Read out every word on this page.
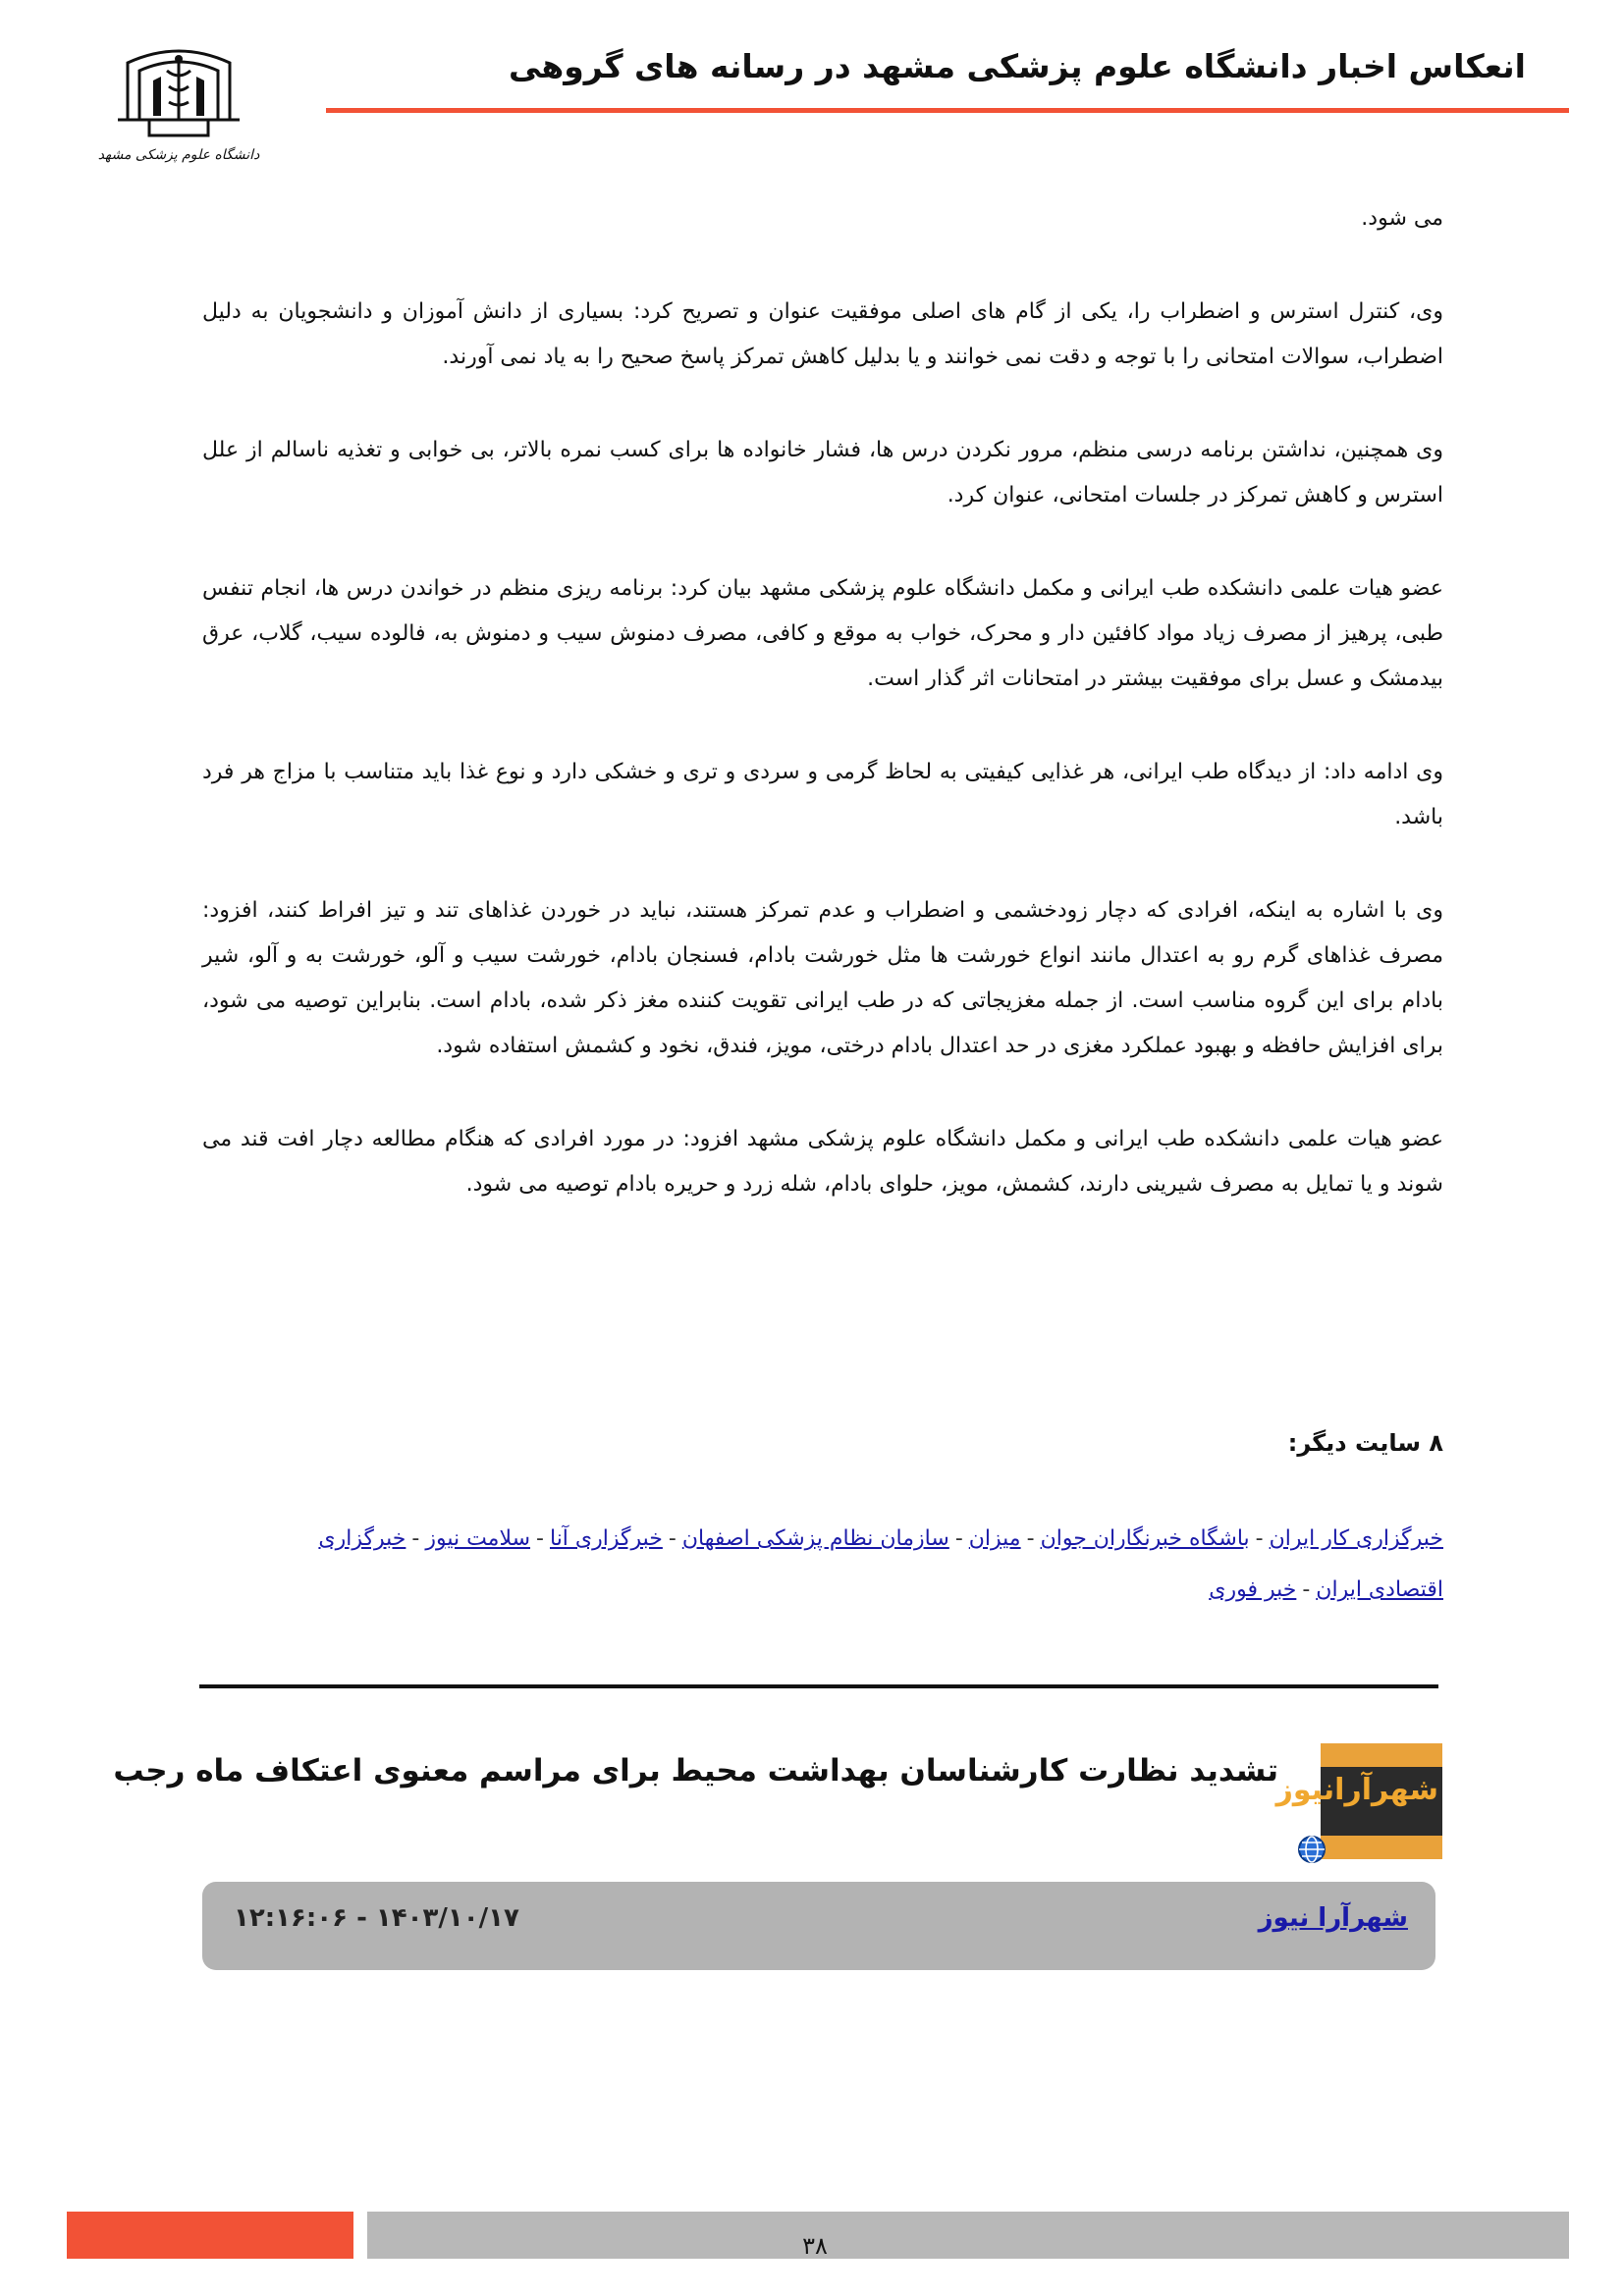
انعکاس اخبار دانشگاه علوم پزشکی مشهد در رسانه های گروهی
دانشگاه علوم پزشکی مشهد

می شود.

وی، کنترل استرس و اضطراب را، یکی از گام های اصلی موفقیت عنوان و تصریح کرد: بسیاری از دانش آموزان و دانشجویان به دلیل اضطراب، سوالات امتحانی را با توجه و دقت نمی خوانند و یا بدلیل کاهش تمرکز پاسخ صحیح را به یاد نمی آورند.

وی همچنین، نداشتن برنامه درسی منظم، مرور نکردن درس ها، فشار خانواده ها برای کسب نمره بالاتر، بی خوابی و تغذیه ناسالم از علل استرس و کاهش تمرکز در جلسات امتحانی، عنوان کرد.

عضو هیات علمی دانشکده طب ایرانی و مکمل دانشگاه علوم پزشکی مشهد بیان کرد: برنامه ریزی منظم در خواندن درس ها، انجام تنفس طبی، پرهیز از مصرف زیاد مواد کافئین دار و محرک، خواب به موقع و کافی، مصرف دمنوش سیب و دمنوش به، فالوده سیب، گلاب، عرق بیدمشک و عسل برای موفقیت بیشتر در امتحانات اثر گذار است.

وی ادامه داد: از دیدگاه طب ایرانی، هر غذایی کیفیتی به لحاظ گرمی و سردی و تری و خشکی دارد و نوع غذا باید متناسب با مزاج هر فرد باشد.

وی با اشاره به اینکه، افرادی که دچار زودخشمی و اضطراب و عدم تمرکز هستند، نباید در خوردن غذاهای تند و تیز افراط کنند، افزود: مصرف غذاهای گرم رو به اعتدال مانند انواع خورشت ها مثل خورشت بادام، فسنجان بادام، خورشت سیب و آلو، خورشت به و آلو، شیر بادام برای این گروه مناسب است. از جمله مغزیجاتی که در طب ایرانی تقویت کننده مغز ذکر شده، بادام است. بنابراین توصیه می شود، برای افزایش حافظه و بهبود عملکرد مغزی در حد اعتدال بادام درختی، مویز، فندق، نخود و کشمش استفاده شود.

عضو هیات علمی دانشکده طب ایرانی و مکمل دانشگاه علوم پزشکی مشهد افزود: در مورد افرادی که هنگام مطالعه دچار افت قند می شوند و یا تمایل به مصرف شیرینی دارند، کشمش، مویز، حلوای بادام، شله زرد و حریره بادام توصیه می شود.

۸ سایت دیگر:
خبرگزاری کار ایران-باشگاه خبرنگاران جوان-میزان-سازمان نظام پزشکی اصفهان-خبرگزاری آنا-سلامت نیوز-خبرگزاری اقتصادی ایران-خبر فوری
شهرآرانیوز
تشدید نظارت کارشناسان بهداشت محیط برای مراسم معنوی اعتکاف ماه رجب
شهرآرا نیوز
۱۴۰۳/۱۰/۱۷ - ۱۲:۱۶:۰۶
۳۸
